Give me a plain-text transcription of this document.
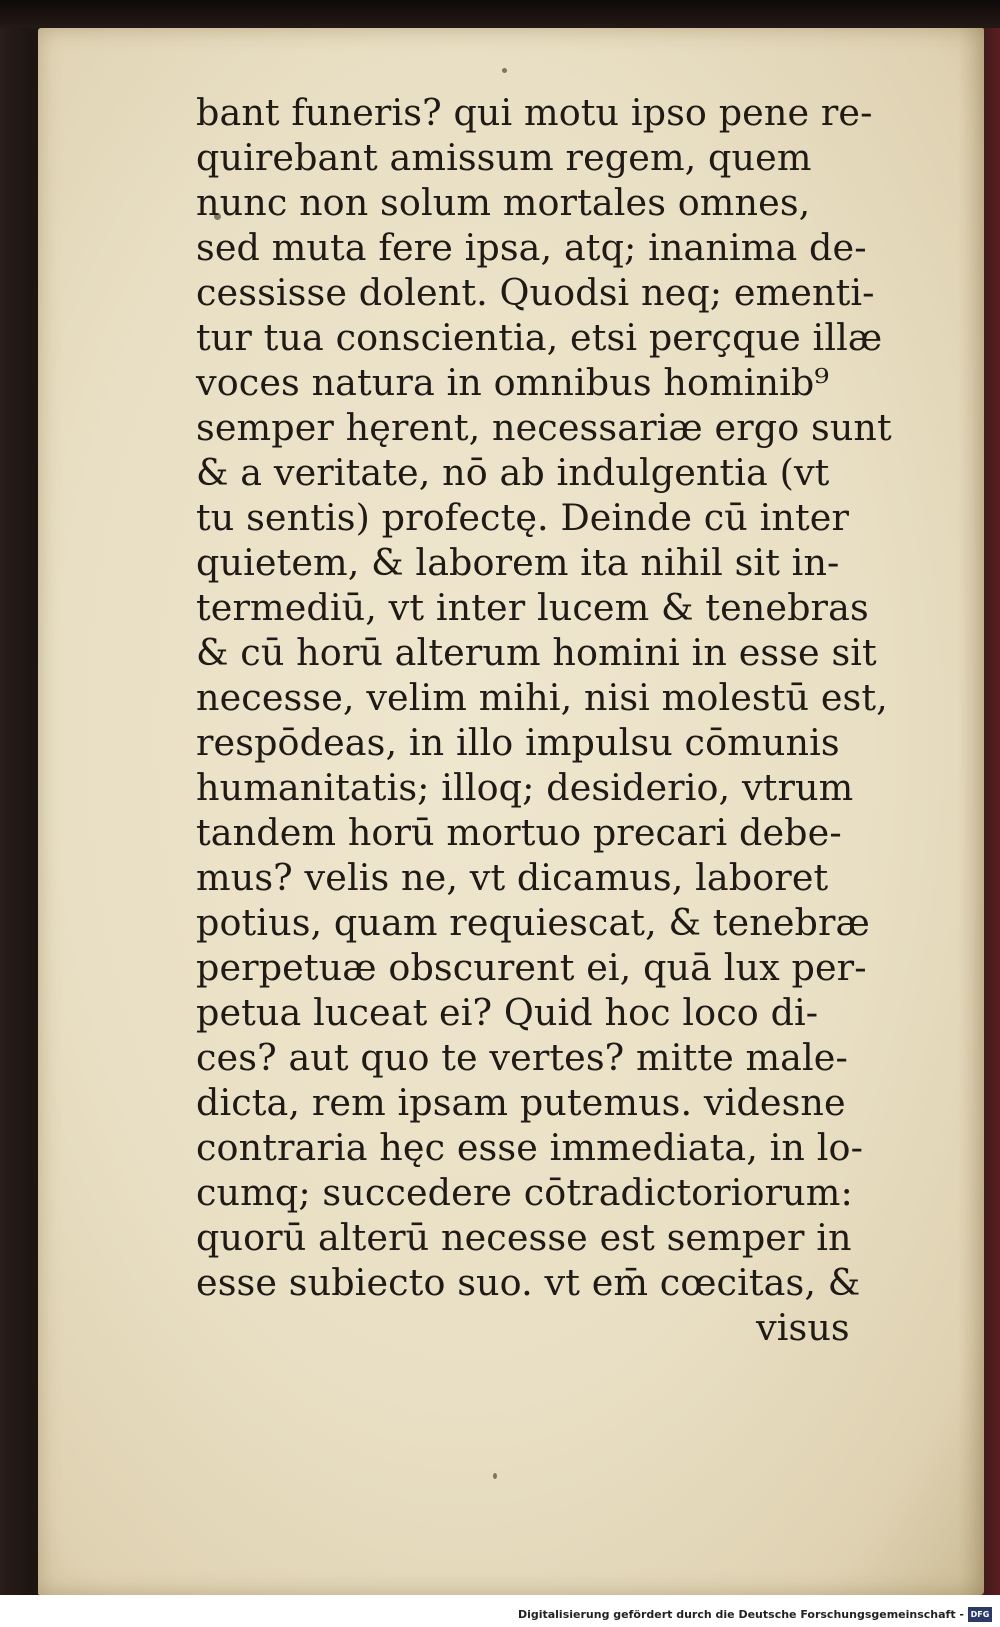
bant funeris? qui motu ipso pene re-
quirebant amissum regem, quem
nunc non solum mortales omnes,
sed muta fere ipsa, atq; inanima de-
cessisse dolent. Quodsi neq; ementi-
tur tua conscientia, etsi perçque illæ
voces natura in omnibus hominib⁹
semper hęrent, necessariæ ergo sunt
& a veritate, nō ab indulgentia (vt
tu sentis) profectę. Deinde cū inter
quietem, & laborem ita nihil sit in-
termediū, vt inter lucem & tenebras
& cū horū alterum homini in esse sit
necesse, velim mihi, nisi molestū est,
respōdeas, in illo impulsu cōmunis
humanitatis; illoq; desiderio, vtrum
tandem horū mortuo precari debe-
mus? velis ne, vt dicamus, laboret
potius, quam requiescat, & tenebræ
perpetuæ obscurent ei, quā lux per-
petua luceat ei? Quid hoc loco di-
ces? aut quo te vertes? mitte male-
dicta, rem ipsam putemus. videsne
contraria hęc esse immediata, in lo-
cumq; succedere cōtradictoriorum:
quorū alterū necesse est semper in
esse subiecto suo. vt em̄ cœcitas, &
visus
Digitalisierung gefördert durch die Deutsche Forschungsgemeinschaft - DFG
